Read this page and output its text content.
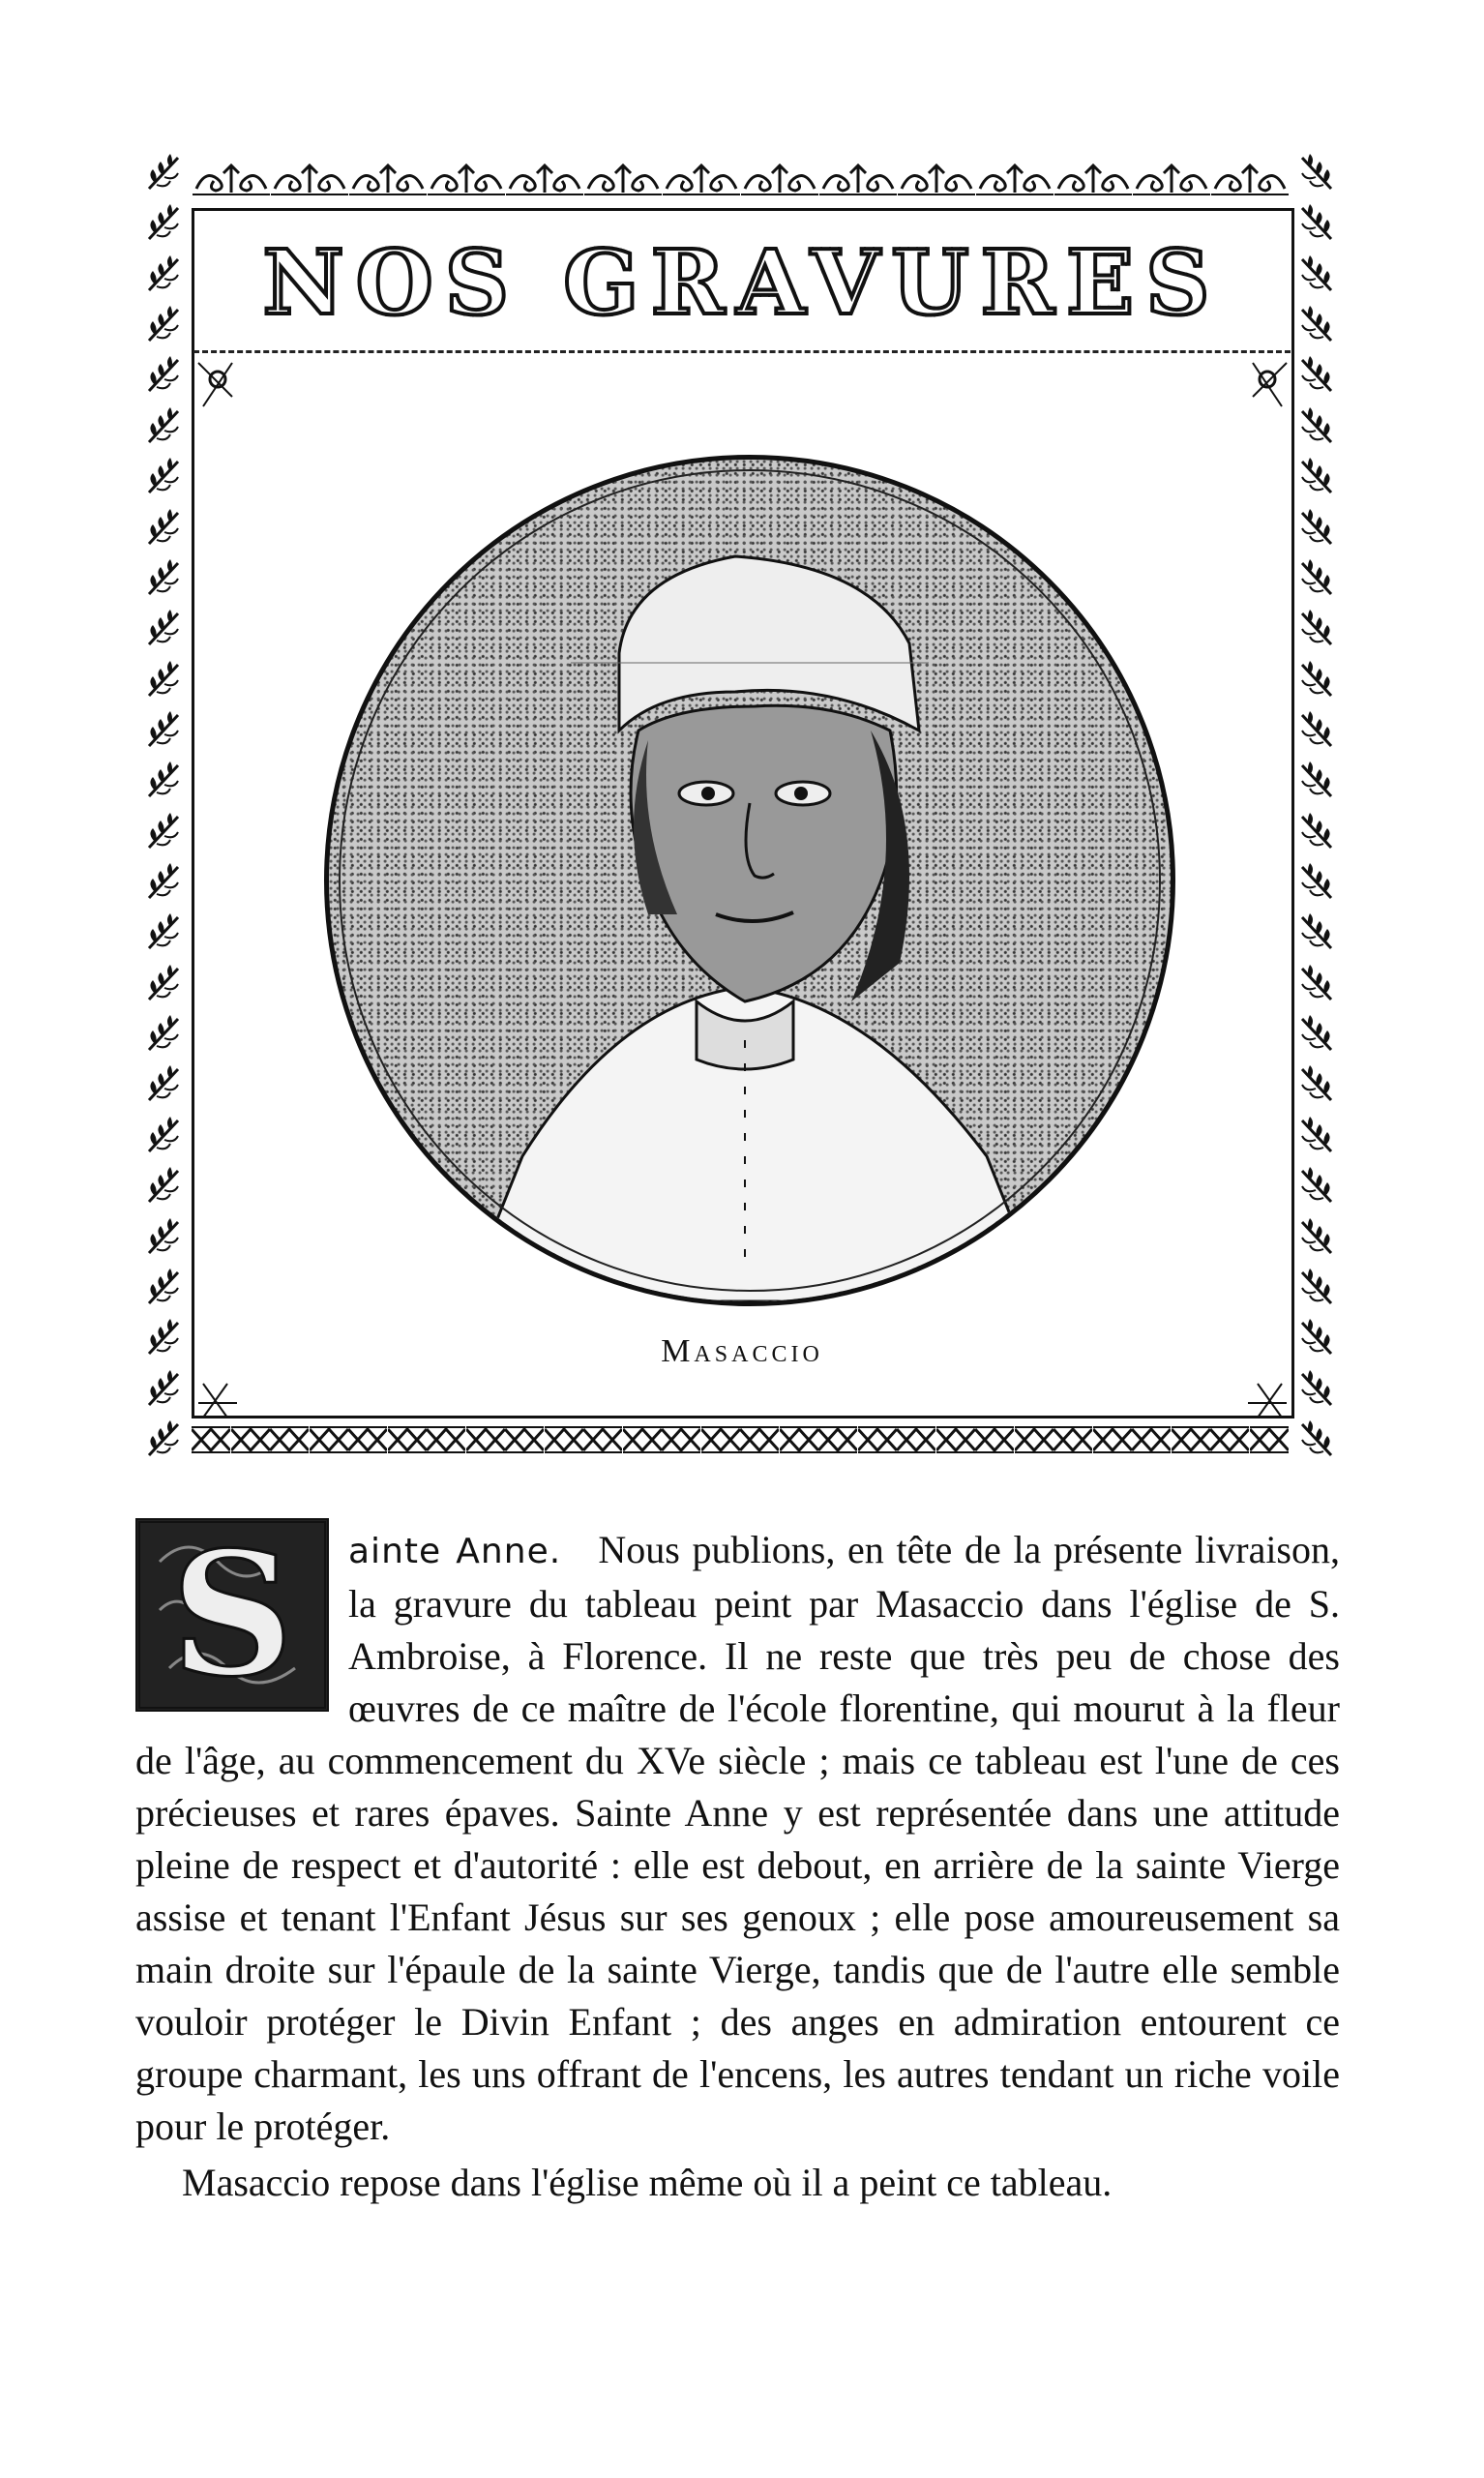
NOS GRAVURES
Masaccio
S	ainte Anne. Nous publions, en tête de la présente livraison, la gravure du tableau peint par Masaccio dans l'église de S. Ambroise, à Florence. Il ne reste que très peu de chose des œuvres de ce maître de l'école florentine, qui mourut à la fleur de l'âge, au commencement du XVe siècle ; mais ce tableau est l'une de ces précieuses et rares épaves. Sainte Anne y est représentée dans une attitude pleine de respect et d'autorité : elle est debout, en arrière de la sainte Vierge assise et tenant l'Enfant Jésus sur ses genoux ; elle pose amoureusement sa main droite sur l'épaule de la sainte Vierge, tandis que de l'autre elle semble vouloir protéger le Divin Enfant ; des anges en admiration entourent ce groupe charmant, les uns offrant de l'encens, les autres tendant un riche voile pour le protéger.

Masaccio repose dans l'église même où il a peint ce tableau.
